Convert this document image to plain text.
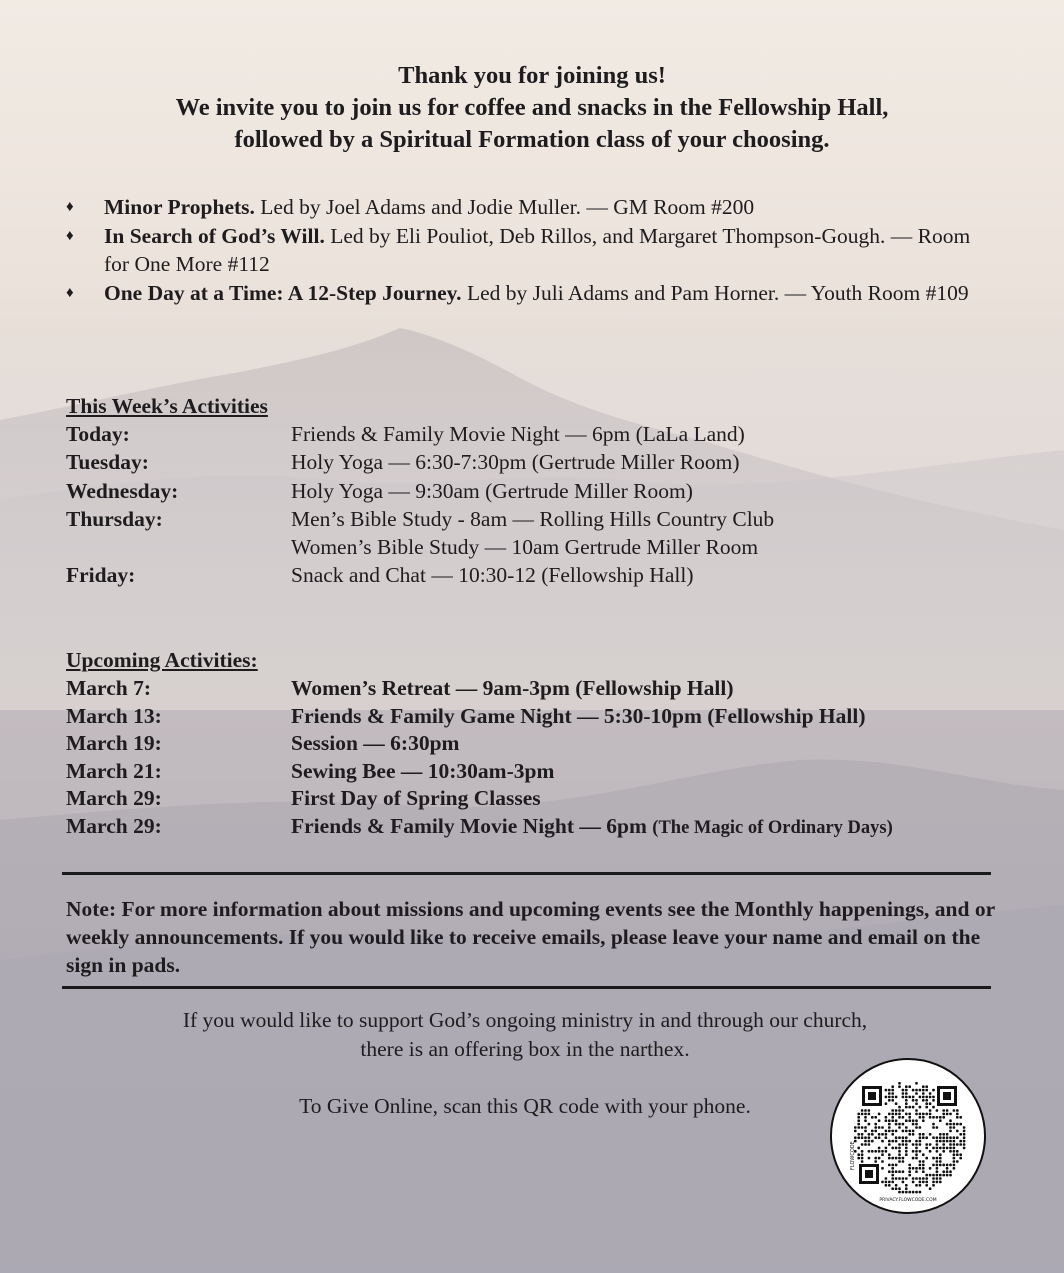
Thank you for joining us!
We invite you to join us for coffee and snacks in the Fellowship Hall,
followed by a Spiritual Formation class of your choosing.
♦ Minor Prophets. Led by Joel Adams and Jodie Muller. — GM Room #200
♦ In Search of God’s Will. Led by Eli Pouliot, Deb Rillos, and Margaret Thompson-Gough. — Room for One More #112
♦ One Day at a Time: A 12-Step Journey. Led by Juli Adams and Pam Horner. — Youth Room #109
This Week’s Activities
Today:	Friends & Family Movie Night — 6pm (LaLa Land)
Tuesday:	Holy Yoga — 6:30-7:30pm (Gertrude Miller Room)
Wednesday:	Holy Yoga — 9:30am (Gertrude Miller Room)
Thursday:	Men’s Bible Study - 8am — Rolling Hills Country Club
Women’s Bible Study — 10am Gertrude Miller Room
Friday:	Snack and Chat — 10:30-12 (Fellowship Hall)
Upcoming Activities:
March 7:	Women’s Retreat — 9am-3pm (Fellowship Hall)
March 13:	Friends & Family Game Night — 5:30-10pm (Fellowship Hall)
March 19:	Session — 6:30pm
March 21:	Sewing Bee — 10:30am-3pm
March 29:	First Day of Spring Classes
March 29:	Friends & Family Movie Night — 6pm (The Magic of Ordinary Days)
Note: For more information about missions and upcoming events see the Monthly happenings, and or weekly announcements. If you would like to receive emails, please leave your name and email on the sign in pads.
If you would like to support God’s ongoing ministry in and through our church,
there is an offering box in the narthex.
To Give Online, scan this QR code with your phone.
FLOWCODE
PRIVACY.FLOWCODE.COM
